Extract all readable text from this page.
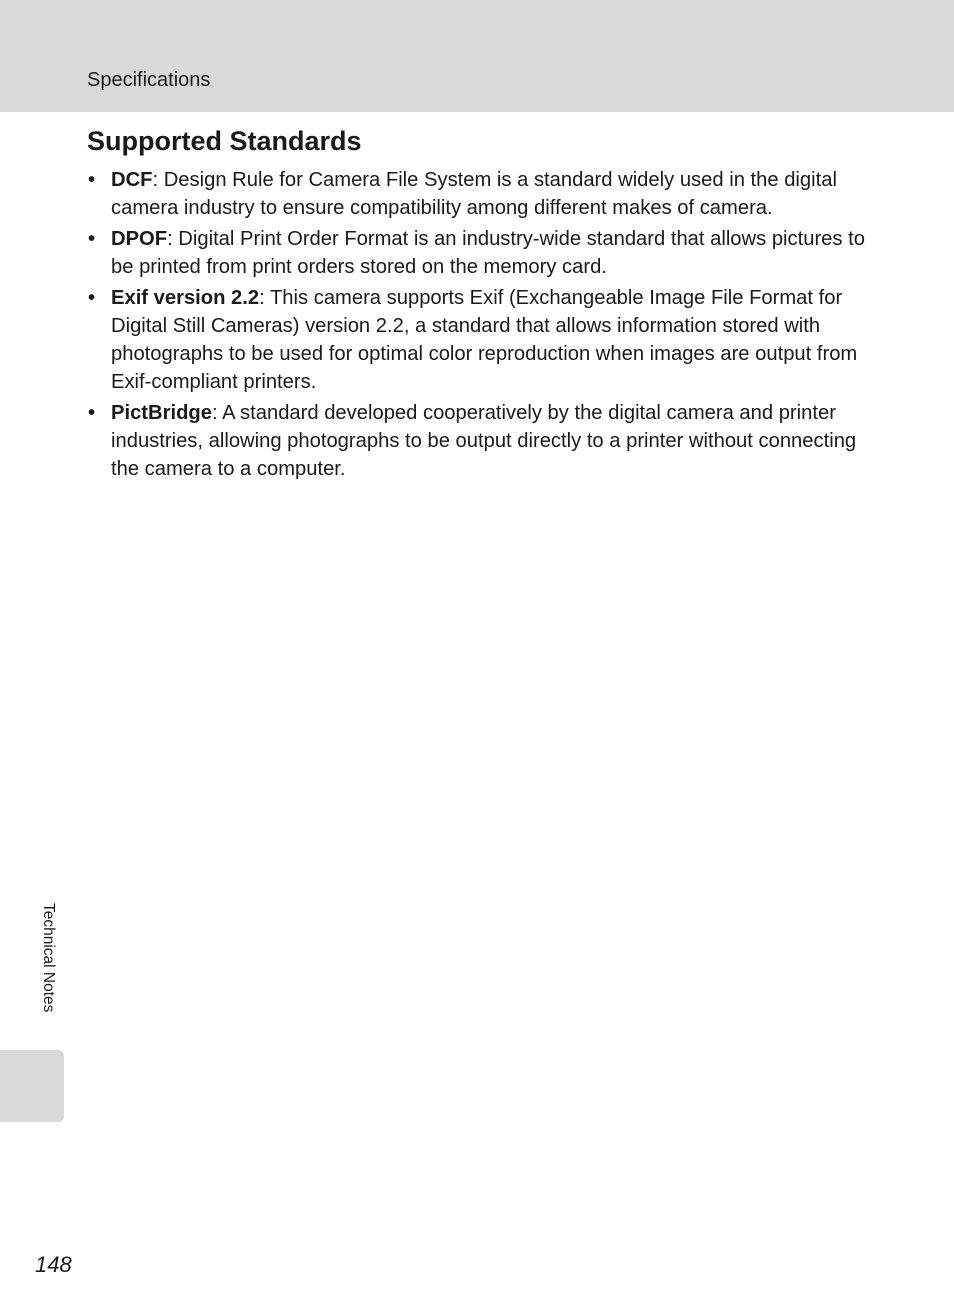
Specifications
Supported Standards
• DCF: Design Rule for Camera File System is a standard widely used in the digital camera industry to ensure compatibility among different makes of camera.
• DPOF: Digital Print Order Format is an industry-wide standard that allows pictures to be printed from print orders stored on the memory card.
• Exif version 2.2: This camera supports Exif (Exchangeable Image File Format for Digital Still Cameras) version 2.2, a standard that allows information stored with photographs to be used for optimal color reproduction when images are output from Exif-compliant printers.
• PictBridge: A standard developed cooperatively by the digital camera and printer industries, allowing photographs to be output directly to a printer without connecting the camera to a computer.
Technical Notes
148
